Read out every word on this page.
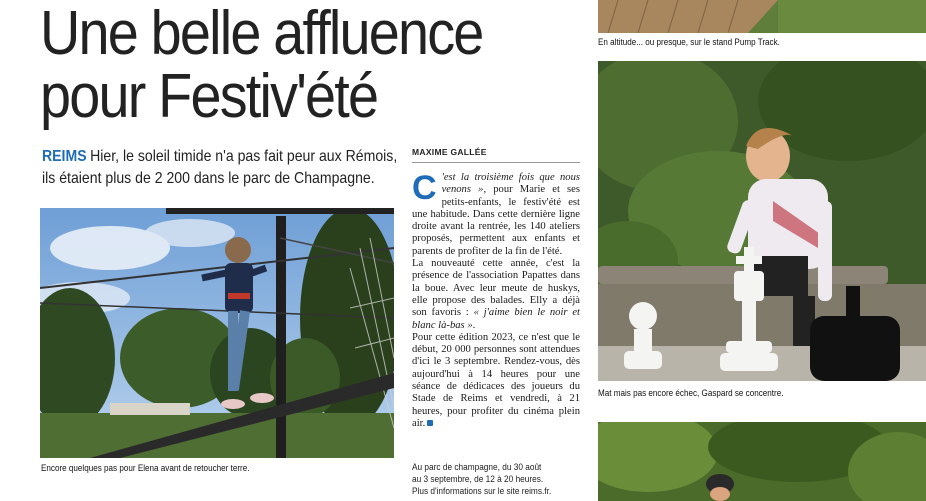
Une belle affluence
pour Festiv'été

REIMS Hier, le soleil timide n'a pas fait peur aux Rémois, ils étaient plus de 2 200 dans le parc de Champagne.

Encore quelques pas pour Elena avant de retoucher terre.
MAXIME GALLÉE

C 'est la troisième fois que nous venons », pour Marie et ses petits-enfants, le festiv'été est une habitude. Dans cette dernière ligne droite avant la rentrée, les 140 ateliers proposés, permettent aux enfants et parents de profiter de la fin de l'été.

La nouveauté cette année, c'est la présence de l'association Papattes dans la boue. Avec leur meute de huskys, elle propose des balades. Elly a déjà son favoris : « j'aime bien le noir et blanc là-bas ».

Pour cette édition 2023, ce n'est que le début, 20 000 personnes sont attendues d'ici le 3 septembre. Rendez-vous, dès aujourd'hui à 14 heures pour une séance de dédicaces des joueurs du Stade de Reims et vendredi, à 21 heures, pour profiter du cinéma plein air.

Au parc de champagne, du 30 août
au 3 septembre, de 12 à 20 heures.
Plus d'informations sur le site reims.fr.
En altitude... ou presque, sur le stand Pump Track.
Mat mais pas encore échec, Gaspard se concentre.
